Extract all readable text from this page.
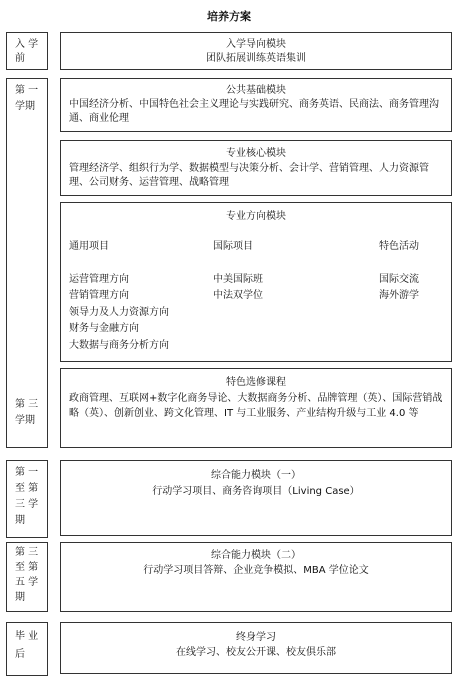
培养方案
入 学
前
入学导向模块
团队拓展训练英语集训
第 一
学期
第 三
学期
公共基础模块
中国经济分析、中国特色社会主义理论与实践研究、商务英语、民商法、商务管理沟通、商业伦理
专业核心模块
管理经济学、组织行为学、数据模型与决策分析、会计学、营销管理、人力资源管理、公司财务、运营管理、战略管理
专业方向模块
通用项目
运营管理方向
营销管理方向
领导力及人力资源方向
财务与金融方向
大数据与商务分析方向
国际项目
中美国际班
中法双学位
特色活动
国际交流
海外游学
特色选修课程
政商管理、互联网+数字化商务导论、大数据商务分析、品牌管理（英）、国际营销战略（英）、创新创业、跨文化管理、IT 与工业服务、产业结构升级与工业 4.0 等
第 一
至 第
三 学
期
综合能力模块（一）
行动学习项目、商务咨询项目（Living Case）
第 三
至 第
五 学
期
综合能力模块（二）
行动学习项目答辩、企业竞争模拟、MBA 学位论文
毕 业
后
终身学习
在线学习、校友公开课、校友俱乐部
